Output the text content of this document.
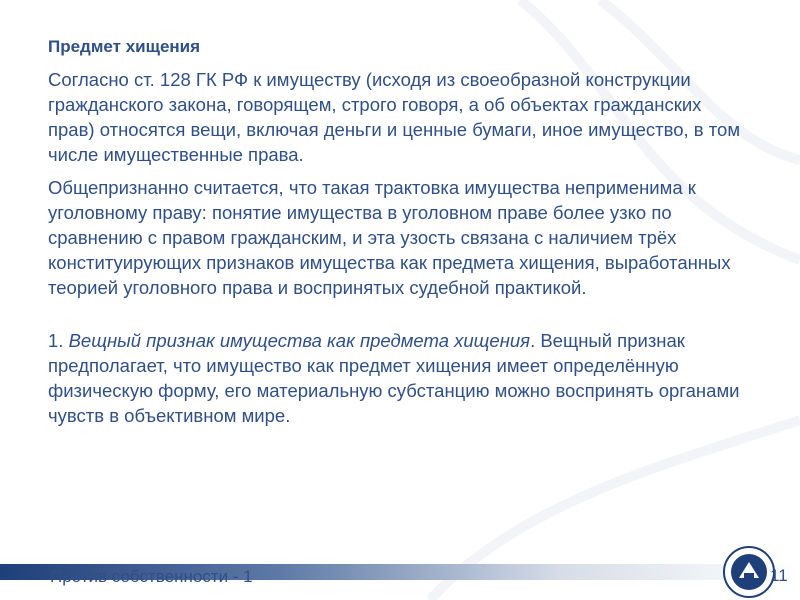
Предмет хищения

Согласно ст. 128 ГК РФ к имуществу (исходя из своеобразной конструкции гражданского закона, говорящем, строго говоря, а об объектах гражданских прав) относятся вещи, включая деньги и ценные бумаги, иное имущество, в том числе имущественные права.

Общепризнанно считается, что такая трактовка имущества неприменима к уголовному праву: понятие имущества в уголовном праве более узко по сравнению с правом гражданским, и эта узость связана с наличием трёх конституирующих признаков имущества как предмета хищения, выработанных теорией уголовного права и воспринятых судебной практикой.

1. Вещный признак имущества как предмета хищения. Вещный признак предполагает, что имущество как предмет хищения имеет определённую физическую форму, его материальную субстанцию можно воспринять органами чувств в объективном мире.

Против собственности - 1	11
